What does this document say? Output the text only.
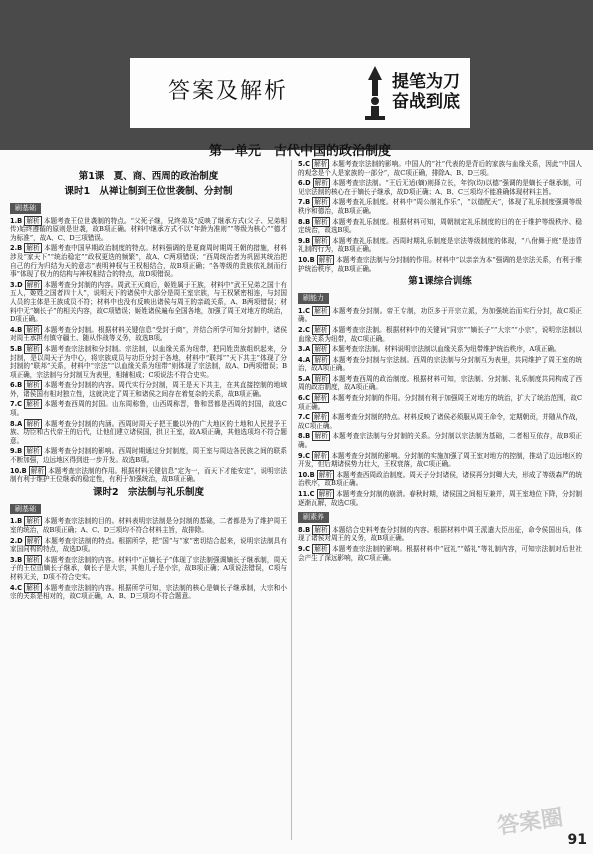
答案及解析	提笔为刀
奋战到底
第一单元　古代中国的政治制度
第1课　夏、商、西周的政治制度
课时1　从禅让制到王位世袭制、分封制
刷基础
1.B 解析 本题考查王位世袭制的特点。“父死子继，兄终弟及”反映了继承方式(父子、兄弟相传)始终遵循的原则是世袭，故B项正确。材料中继承方式不以“年龄为准则”“等级为核心”“德才为标准”，故A、C、D三项错误。
2.B 解析 本题考查中国早期政治制度的特点。材料强调的是夏商周时期周王朝的措施，材料涉及“家天下”“统治稳定”“政权更迭的频繁”，故A、C两项错误；“西周统治者为巩固其统治把自己的行为归结为天的意志”表明神权与王权相结合，故B项正确；“各等级的贵族依礼制而行事”体现了权力的结构与神权相结合的特点，故D项错误。
3.D 解析 本题考查分封制的内容。周武王灭商后，姬姓属于王族，材料中“武王兄弟之国十有五人，姬姓之国者四十人”，说明天下的诸侯中大部分是周王室宗族，与王权紧密相连，与封国人员的主体是王族成员不符；材料中也没有反映出诸侯与周王的亲疏关系，A、B两项错误；材料中无“嫡长子”的相关内容，故C项错误；姬姓诸侯遍布全国各地，加强了周王对地方的统治，D项正确。
4.B 解析 本题考查分封制。根据材料关键信息“受封于商”，并结合所学可知分封制中，诸侯对周王承担有镇守疆土、随从作战等义务，故选B项。
5.B 解析 本题考查宗法制和分封制。宗法制，以血缘关系为纽带，把同姓贵族组织起来，分封制，是以周天子为中心，将宗族成员与功臣分封于各地，材料中“联邦”“天下共主”体现了分封制的“联邦”关系，材料中“宗法”“以血缘关系为纽带”则体现了宗法制，故A、D两项错误；B项正确，宗法制与分封制互为表里，相辅相成；C项说法不符合史实。
6.B 解析 本题考查分封制的内容。周代实行分封制，周王是天下共主，在其直接控制的地域外，诸侯国有相对独立性，这就决定了周王和诸侯之间存在着复杂的关系，故B项正确。
7.C 解析 本题考查西周的封国。山东周称鲁，山西周称晋，鲁和晋都是西周的封国，故选C项。
8.A 解析 本题考查分封制的内涵。西周时周天子把王畿以外的广大地区的土地和人民授予王族、功臣和古代帝王的后代，让他们建立诸侯国，拱卫王室，故A项正确，其他选项均不符合题意。
9.B 解析 本题考查分封制的影响。西周时期通过分封制度，周王室与周边各民族之间的联系不断加强，边远地区得到进一步开发。故选B项。
10.B 解析 本题考查宗法制的作用。根据材料关键信息“定为一，而天下才能安定”，说明宗法制有利于维护王位继承的稳定性，有利于加强统治，故B项正确。
课时2　宗法制与礼乐制度
刷基础
1.B 解析 本题考查宗法制的目的。材料表明宗法制是分封制的基础，二者都是为了维护周王室的统治，故B项正确；A、C、D三项均不符合材料主旨，故排除。
2.D 解析 本题考查宗法制的特点。根据所学，把“国”与“家”密切结合起来，说明宗法制具有家国同构的特点，故选D项。
3.B 解析 本题考查宗法制的内容。材料中“正嫡长子”体现了宗法制强调嫡长子继承制，周天子的王位由嫡长子继承，嫡长子是大宗，其他儿子是小宗，故B项正确；A项说法错误，C项与材料无关，D项不符合史实。
4.C 解析 本题考查宗法制的内容。根据所学可知，宗法制的核心是嫡长子继承制，大宗和小宗的关系是相对的，故C项正确，A、B、D三项均不符合题意。
5.C 解析 本题考查宗法制的影响。中国人的“社”代表的是背后的家族与血缘关系，因此“中国人的观念是个人是家族的一部分”，故C项正确，排除A、B、D三项。
6.D 解析 本题考查宗法制。“王后无适(嫡)则择立长，年钧(均)以德”强调的是嫡长子继承制，可见宗法制的核心在于嫡长子继承，故D项正确；A、B、C三项均不能准确体现材料主旨。
7.B 解析 本题考查礼乐制度。材料中“周公制礼作乐”，“以德配天”，体现了礼乐制度强调等级秩序和德治，故B项正确。
8.B 解析 本题考查礼乐制度。根据材料可知，周朝制定礼乐制度的目的在于维护等级秩序、稳定统治，故选B项。
9.B 解析 本题考查礼乐制度。西周时期礼乐制度是宗法等级制度的体现，“八佾舞于庭”是违背礼制的行为，故B项正确。
10.B 解析 本题考查宗法制与分封制的作用。材料中“以亲亲为本”强调的是宗法关系，有利于维护统治秩序，故B项正确。
第1课综合训练
刷能力
1.C 解析 本题考查分封制。帝王专制，功臣多于开宗立派，为加强统治而实行分封，故C项正确。
2.C 解析 本题考查宗法制。根据材料中的关键词“同宗”“嫡长子”“大宗”“小宗”，说明宗法制以血缘关系为纽带，故C项正确。
3.A 解析 本题考查宗法制。材料说明宗法制以血缘关系为纽带维护统治秩序，A项正确。
4.A 解析 本题考查分封制与宗法制。西周的宗法制与分封制互为表里，共同维护了周王室的统治，故A项正确。
5.A 解析 本题考查西周的政治制度。根据材料可知，宗法制、分封制、礼乐制度共同构成了西周的政治制度，故A项正确。
6.C 解析 本题考查分封制的作用。分封制有利于加强周王对地方的统治，扩大了统治范围，故C项正确。
7.C 解析 本题考查分封制的特点。材料反映了诸侯必须服从周王命令，定期朝贡，并随从作战，故C项正确。
8.B 解析 本题考查宗法制与分封制的关系。分封制以宗法制为基础，二者相互依存，故B项正确。
9.C 解析 本题考查分封制的影响。分封制的实施加强了周王室对地方的控制，推动了边远地区的开发，但后期诸侯势力壮大，王权衰落，故C项正确。
10.B 解析 本题考查西周政治制度。周天子分封诸侯，诸侯再分封卿大夫，形成了等级森严的统治秩序，故B项正确。
11.C 解析 本题考查分封制的崩溃。春秋时期，诸侯国之间相互兼并，周王室地位下降，分封制逐渐瓦解，故选C项。
刷素养
8.B 解析 本题结合史料考查分封制的内容。根据材料中周王派遣大臣出征，命令侯国出兵，体现了诸侯对周王的义务，故B项正确。
9.C 解析 本题考查宗法制的影响。根据材料中“冠礼”“婚礼”等礼制内容，可知宗法制对后世社会产生了深远影响，故C项正确。
答案圈
91
